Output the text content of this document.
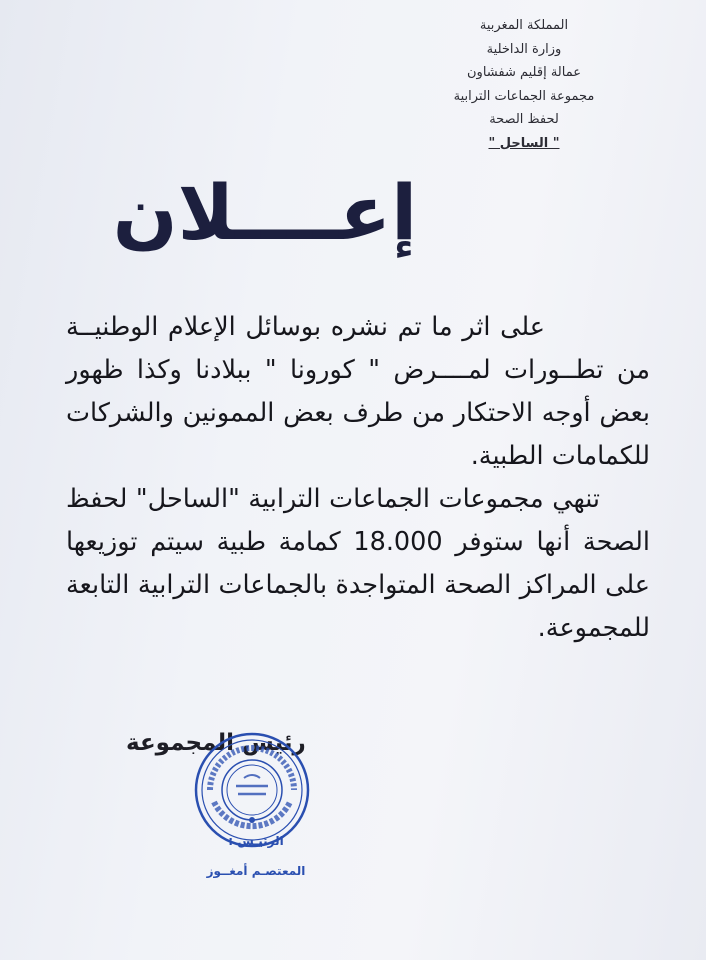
المملكة المغربية
وزارة الداخلية
عمالة إقليم شفشاون
مجموعة الجماعات الترابية
لحفظ الصحة
" الساحل "
إعــــلان

على اثر ما تم نشره بوسائل الإعلام الوطنيــة من تطــورات لمــــرض " كورونا " ببلادنا وكذا ظهور بعض أوجه الاحتكار من طرف بعض الممونين والشركات للكمامات الطبية.

تنهي مجموعات الجماعات الترابية "الساحل" لحفظ الصحة أنها ستوفر 18.000 كمامة طبية سيتم توزيعها على المراكز الصحة المتواجدة بالجماعات الترابية التابعة للمجموعة.

رئيس المجموعة
الرئيـس :
المعتصـم أمغــوز
